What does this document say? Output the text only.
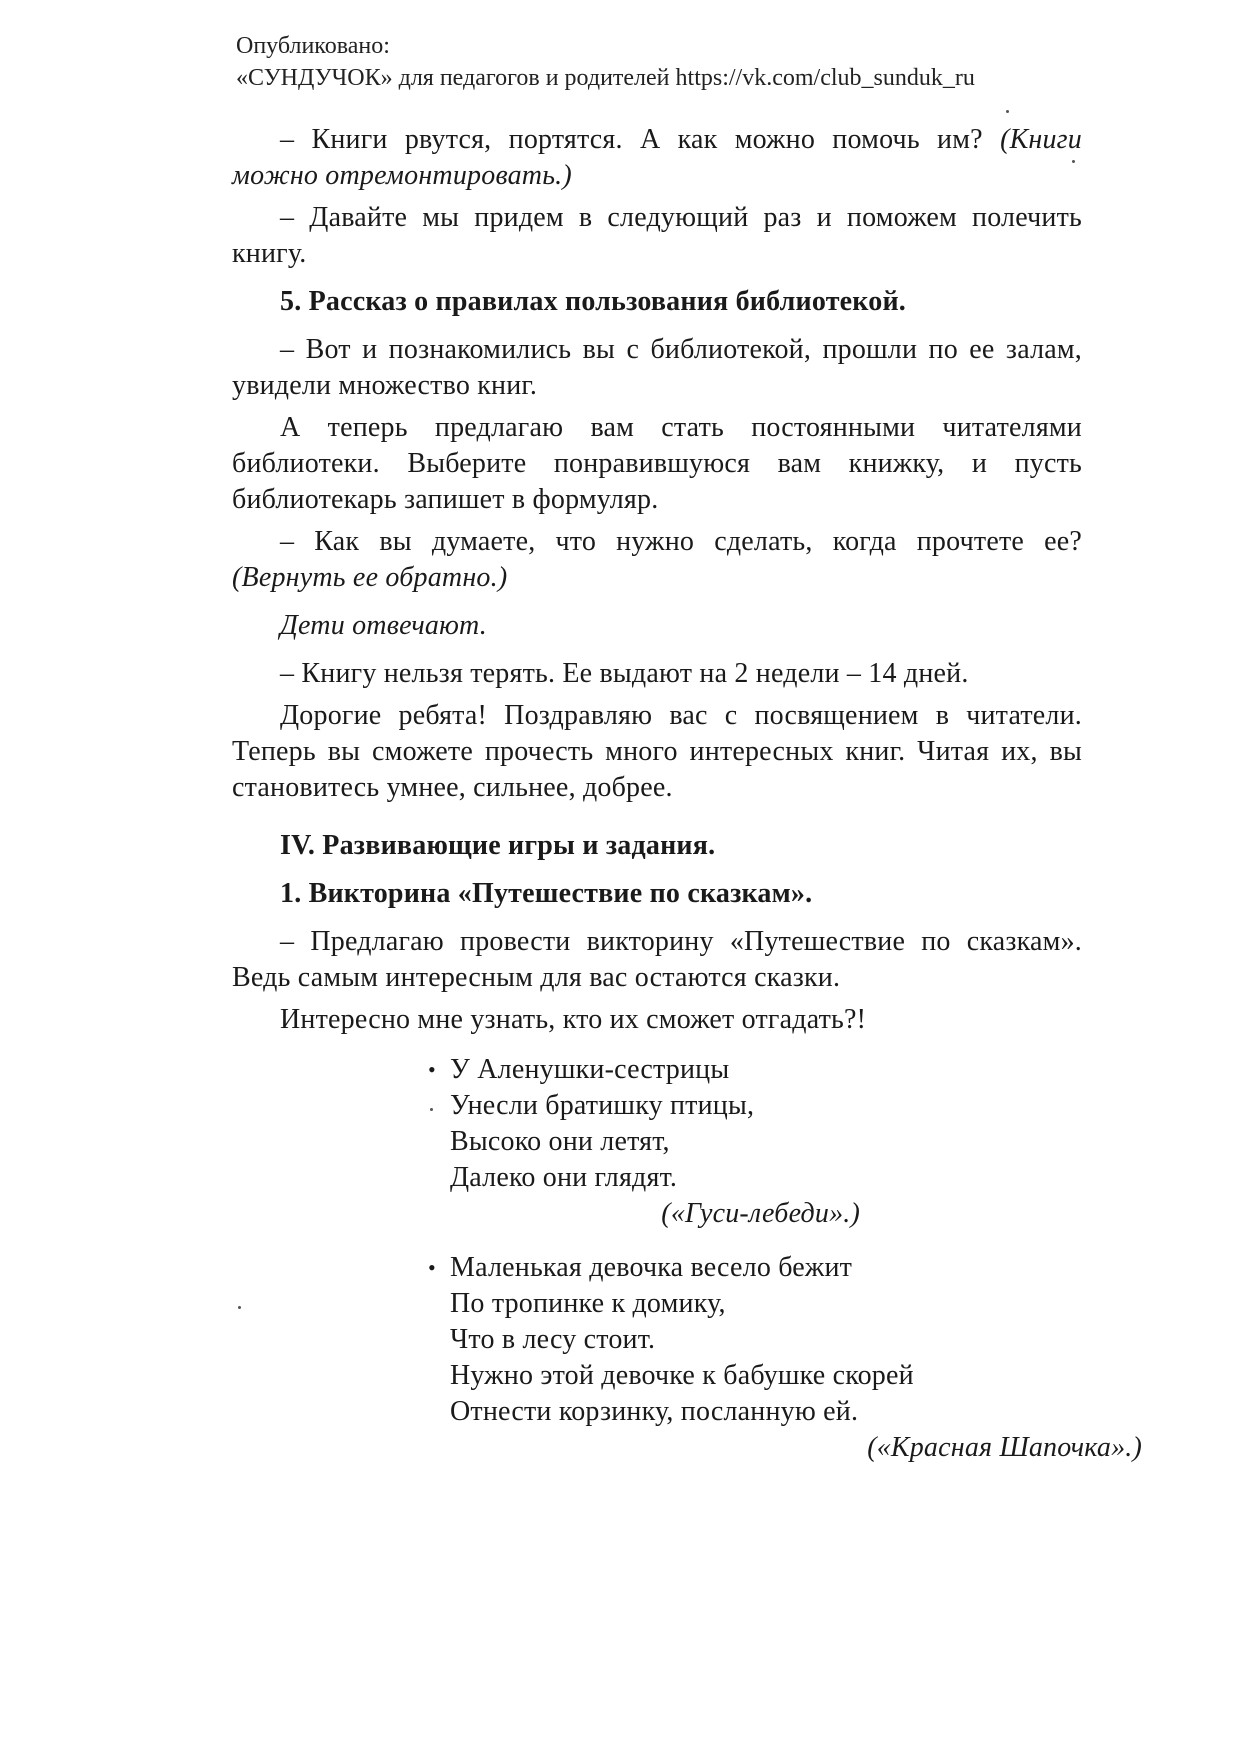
Опубликовано:
«СУНДУЧОК» для педагогов и родителей https://vk.com/club_sunduk_ru

– Книги рвутся, портятся. А как можно помочь им? (Книги можно отремонтировать.)

– Давайте мы придем в следующий раз и поможем полечить книгу.

5. Рассказ о правилах пользования библиотекой.

– Вот и познакомились вы с библиотекой, прошли по ее залам, увидели множество книг.

А теперь предлагаю вам стать постоянными читателями библиотеки. Выберите понравившуюся вам книжку, и пусть библиотекарь запишет в формуляр.

– Как вы думаете, что нужно сделать, когда прочтете ее? (Вернуть ее обратно.)

Дети отвечают.

– Книгу нельзя терять. Ее выдают на 2 недели – 14 дней.

Дорогие ребята! Поздравляю вас с посвящением в читатели. Теперь вы сможете прочесть много интересных книг. Читая их, вы становитесь умнее, сильнее, добрее.

IV. Развивающие игры и задания.

1. Викторина «Путешествие по сказкам».

– Предлагаю провести викторину «Путешествие по сказкам». Ведь самым интересным для вас остаются сказки.

Интересно мне узнать, кто их сможет отгадать?!

• У Аленушки-сестрицы
Унесли братишку птицы,
Высоко они летят,
Далеко они глядят.
(«Гуси-лебеди».)
• Маленькая девочка весело бежит
По тропинке к домику,
Что в лесу стоит.
Нужно этой девочке к бабушке скорей
Отнести корзинку, посланную ей.
(«Красная Шапочка».)
